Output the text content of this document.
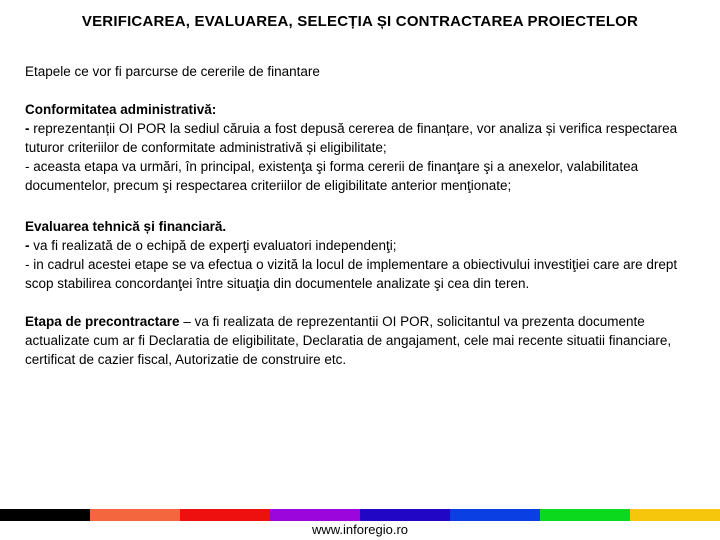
VERIFICAREA, EVALUAREA, SELECȚIA ȘI CONTRACTAREA PROIECTELOR

Etapele ce vor fi parcurse de cererile de finantare

Conformitatea administrativă:

- reprezentanții OI POR la sediul căruia a fost depusă cererea de finanțare, vor analiza și verifica respectarea tuturor criteriilor de conformitate administrativă și eligibilitate;

- aceasta etapa va urmări, în principal, existenţa şi forma cererii de finanţare şi a anexelor, valabilitatea documentelor, precum şi respectarea criteriilor de eligibilitate anterior menţionate;

Evaluarea tehnică și financiară.

- va fi realizată de o echipă de experţi evaluatori independenţi;

- in cadrul acestei etape se va efectua o vizită la locul de implementare a obiectivului investiţiei care are drept scop stabilirea concordanţei între situaţia din documentele analizate şi cea din teren.

Etapa de precontractare – va fi realizata de reprezentantii OI POR, solicitantul va prezenta documente actualizate cum ar fi Declaratia de eligibilitate, Declaratia de angajament, cele mai recente situatii financiare, certificat de cazier fiscal, Autorizatie de construire etc.

www.inforegio.ro
